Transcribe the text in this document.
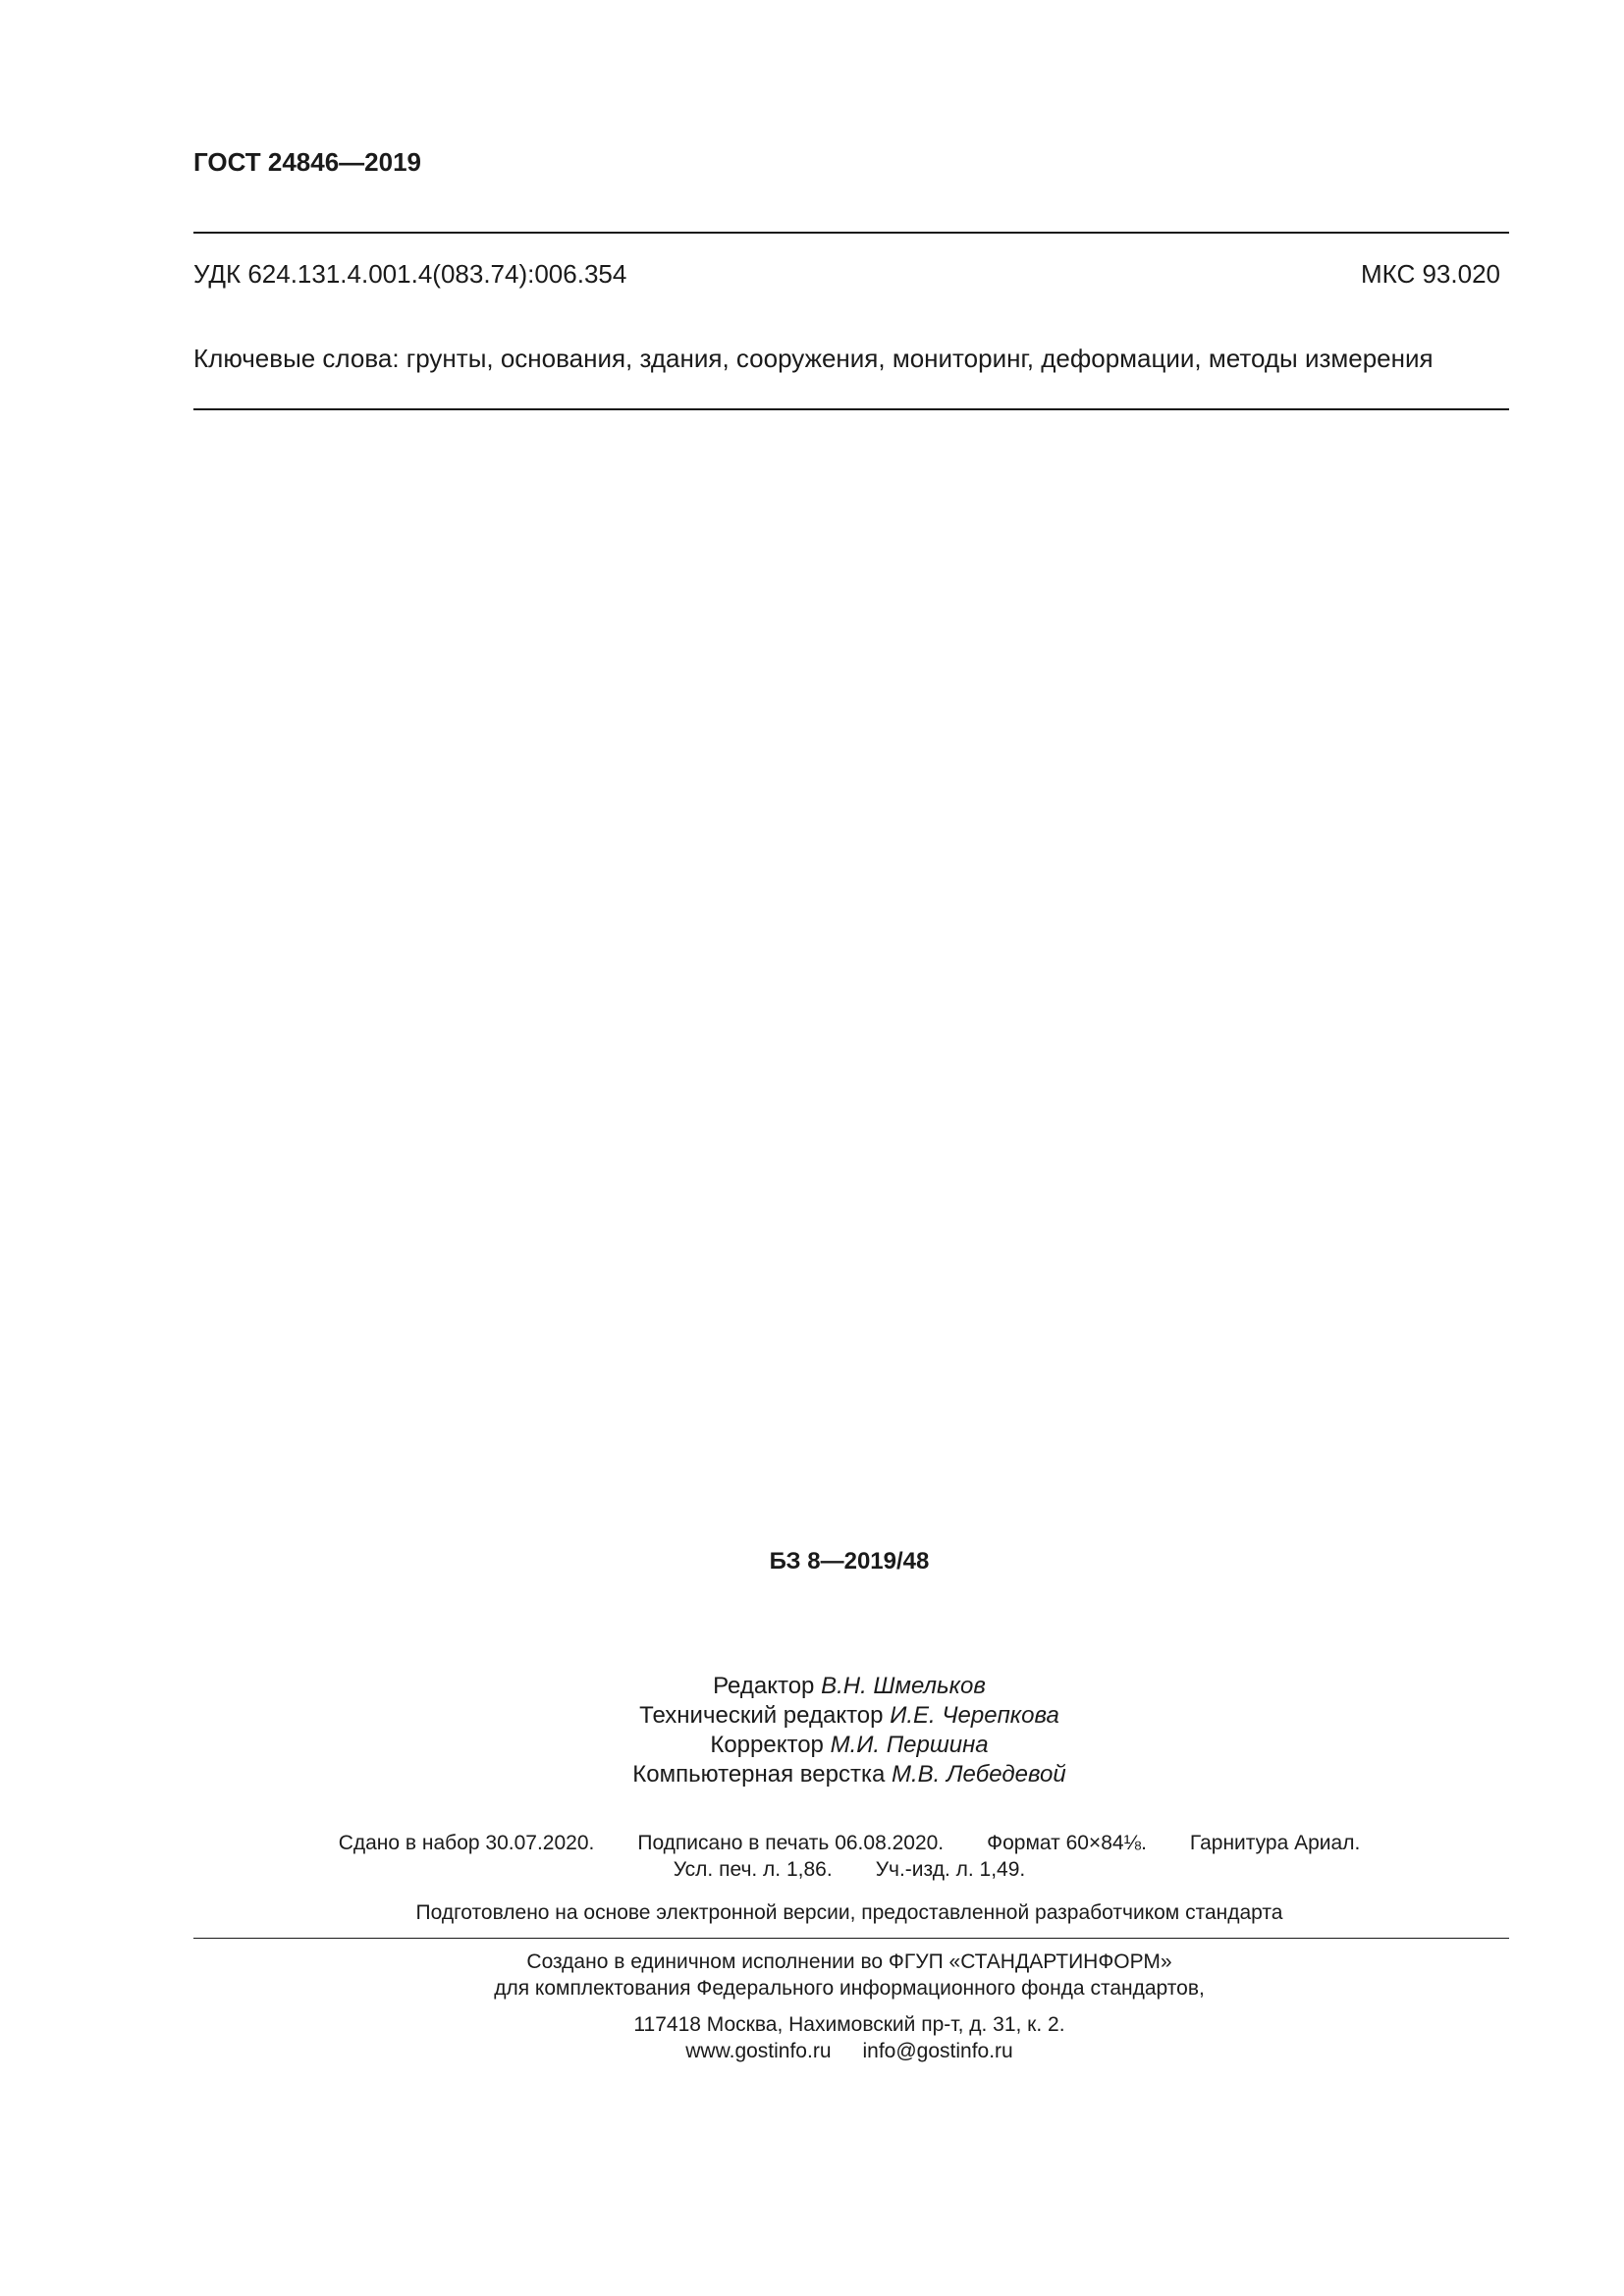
ГОСТ 24846—2019
УДК 624.131.4.001.4(083.74):006.354	МКС 93.020
Ключевые слова: грунты, основания, здания, сооружения, мониторинг, деформации, методы измерения
БЗ 8—2019/48
Редактор В.Н. Шмельков
Технический редактор И.Е. Черепкова
Корректор М.И. Першина
Компьютерная верстка М.В. Лебедевой
Сдано в набор 30.07.2020. Подписано в печать 06.08.2020. Формат 60×84⅛. Гарнитура Ариал.
Усл. печ. л. 1,86. Уч.-изд. л. 1,49.
Подготовлено на основе электронной версии, предоставленной разработчиком стандарта
Создано в единичном исполнении во ФГУП «СТАНДАРТИНФОРМ»
для комплектования Федерального информационного фонда стандартов,
117418 Москва, Нахимовский пр-т, д. 31, к. 2.
www.gostinfo.ru info@gostinfo.ru
